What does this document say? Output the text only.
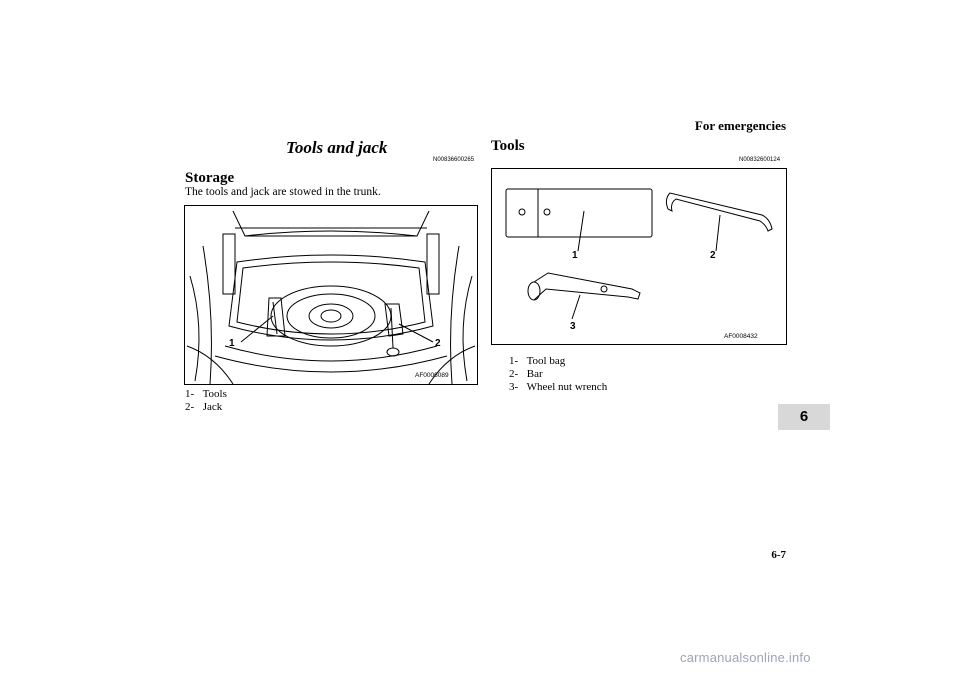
For emergencies
Tools and jack
N00836600265
Storage
The tools and jack are stowed in the trunk.
1	2
AF0006089
1- Tools
2- Jack
Tools
N00832600124
1	2
3
AF0008432
1- Tool bag
2- Bar
3- Wheel nut wrench
6
6-7
carmanualsonline.info
